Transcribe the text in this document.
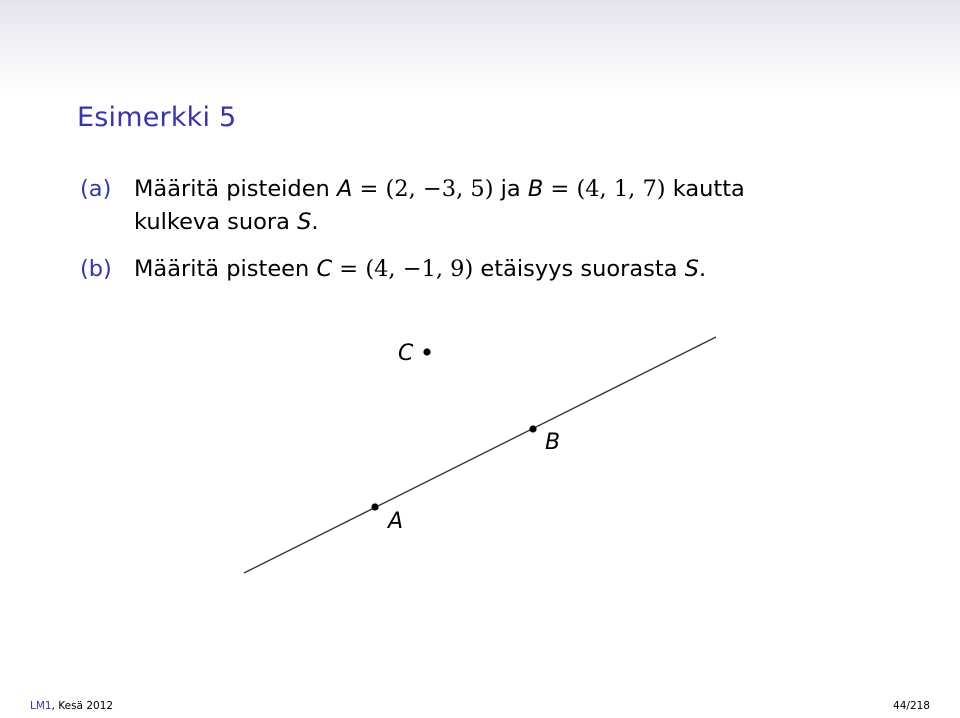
Esimerkki 5
(a) Määritä pisteiden A = (2, −3, 5) ja B = (4, 1, 7) kautta
kulkeva suora S.
(b) Määritä pisteen C = (4, −1, 9) etäisyys suorasta S.
A
B
C
LM1, Kesä 2012	44/218
